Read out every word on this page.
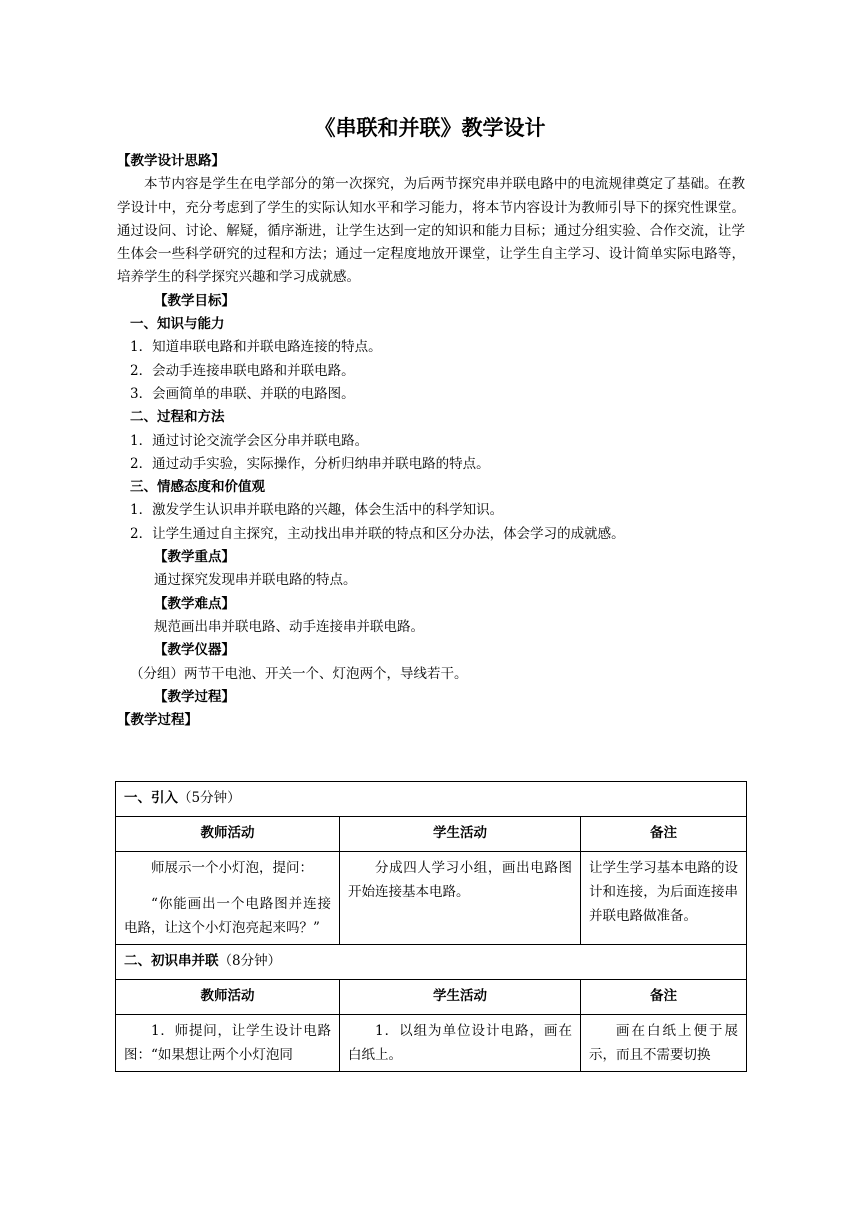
《串联和并联》教学设计
【教学设计思路】

本节内容是学生在电学部分的第一次探究，为后两节探究串并联电路中的电流规律奠定了基础。在教学设计中，充分考虑到了学生的实际认知水平和学习能力，将本节内容设计为教师引导下的探究性课堂。通过设问、讨论、解疑，循序渐进，让学生达到一定的知识和能力目标；通过分组实验、合作交流，让学生体会一些科学研究的过程和方法；通过一定程度地放开课堂，让学生自主学习、设计简单实际电路等，培养学生的科学探究兴趣和学习成就感。

【教学目标】
一、知识与能力
1．知道串联电路和并联电路连接的特点。
2．会动手连接串联电路和并联电路。
3．会画简单的串联、并联的电路图。
二、过程和方法
1．通过讨论交流学会区分串并联电路。
2．通过动手实验，实际操作，分析归纳串并联电路的特点。
三、情感态度和价值观
1．激发学生认识串并联电路的兴趣，体会生活中的科学知识。
2．让学生通过自主探究，主动找出串并联的特点和区分办法，体会学习的成就感。
【教学重点】
通过探究发现串并联电路的特点。
【教学难点】
规范画出串并联电路、动手连接串并联电路。
【教学仪器】
（分组）两节干电池、开关一个、灯泡两个，导线若干。
【教学过程】
【教学过程】
一、引入（5分钟）		
教师活动	学生活动	备注

师展示一个小灯泡，提问：

“你能画出一个电路图并连接电路，让这个小灯泡亮起来吗？”	分成四人学习小组，画出电路图开始连接基本电路。	让学生学习基本电路的设计和连接，为后面连接串并联电路做准备。

二、初识串并联（8分钟）		
教师活动	学生活动	备注

1．师提问，让学生设计电路图：“如果想让两个小灯泡同	1．以组为单位设计电路，画在白纸上。	画在白纸上便于展示，而且不需要切换
